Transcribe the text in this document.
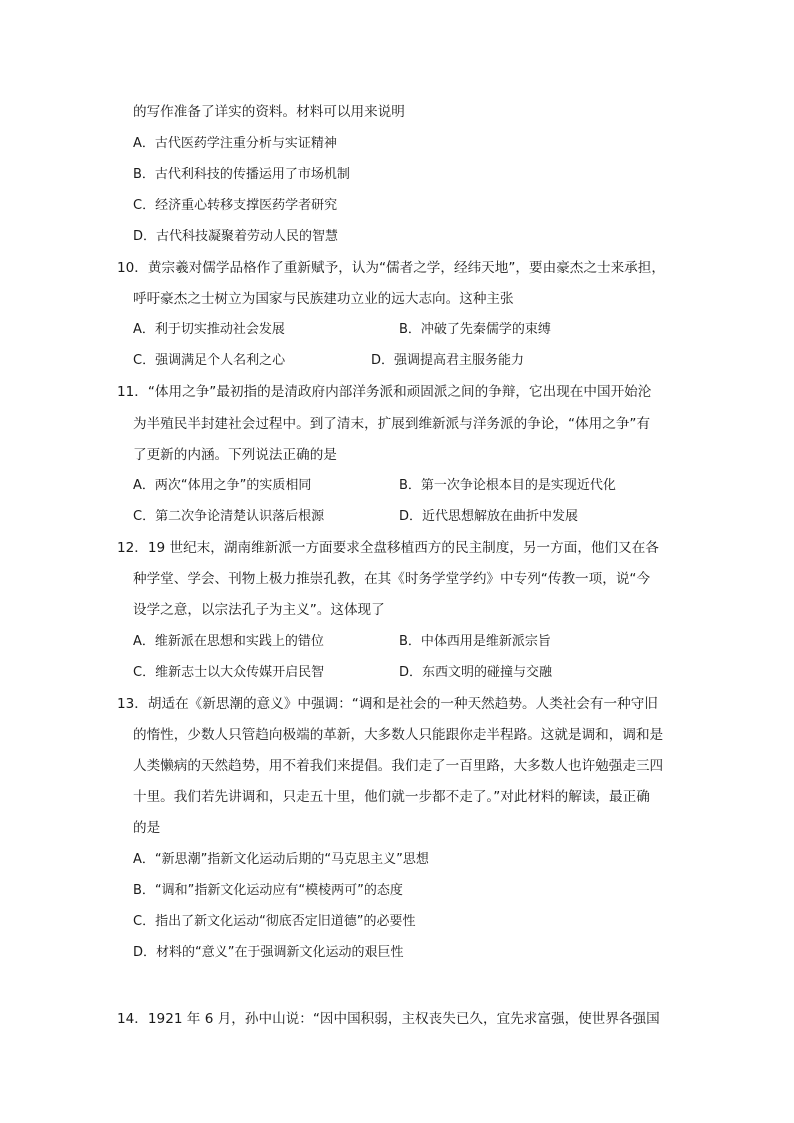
的写作准备了详实的资料。材料可以用来说明
A．古代医药学注重分析与实证精神
B．古代利科技的传播运用了市场机制
C．经济重心转移支撑医药学者研究
D．古代科技凝聚着劳动人民的智慧
10．黄宗羲对儒学品格作了重新赋予，认为“儒者之学，经纬天地”，要由豪杰之士来承担，
呼吁豪杰之士树立为国家与民族建功立业的远大志向。这种主张
A．利于切实推动社会发展	B．冲破了先秦儒学的束缚
C．强调满足个人名利之心	D．强调提高君主服务能力
11．“体用之争”最初指的是清政府内部洋务派和顽固派之间的争辩，它出现在中国开始沦
为半殖民半封建社会过程中。到了清末，扩展到维新派与洋务派的争论，“体用之争”有
了更新的内涵。下列说法正确的是
A．两次“体用之争”的实质相同	B．第一次争论根本目的是实现近代化
C．第二次争论清楚认识落后根源	D．近代思想解放在曲折中发展
12．19 世纪末，湖南维新派一方面要求全盘移植西方的民主制度，另一方面，他们又在各
种学堂、学会、刊物上极力推崇孔教，在其《时务学堂学约》中专列“传教一项，说“今
设学之意，以宗法孔子为主义”。这体现了
A．维新派在思想和实践上的错位	B．中体西用是维新派宗旨
C．维新志士以大众传媒开启民智	D．东西文明的碰撞与交融
13．胡适在《新思潮的意义》中强调：“调和是社会的一种天然趋势。人类社会有一种守旧
的惰性，少数人只管趋向极端的革新，大多数人只能跟你走半程路。这就是调和，调和是
人类懒病的天然趋势，用不着我们来提倡。我们走了一百里路，大多数人也许勉强走三四
十里。我们若先讲调和，只走五十里，他们就一步都不走了。”对此材料的解读，最正确
的是
A．“新思潮”指新文化运动后期的“马克思主义”思想
B．“调和”指新文化运动应有“模棱两可”的态度
C．指出了新文化运动“彻底否定旧道德”的必要性
D．材料的“意义”在于强调新文化运动的艰巨性
14．1921 年 6 月，孙中山说：“因中国积弱，主权丧失已久，宜先求富强，使世界各强国
